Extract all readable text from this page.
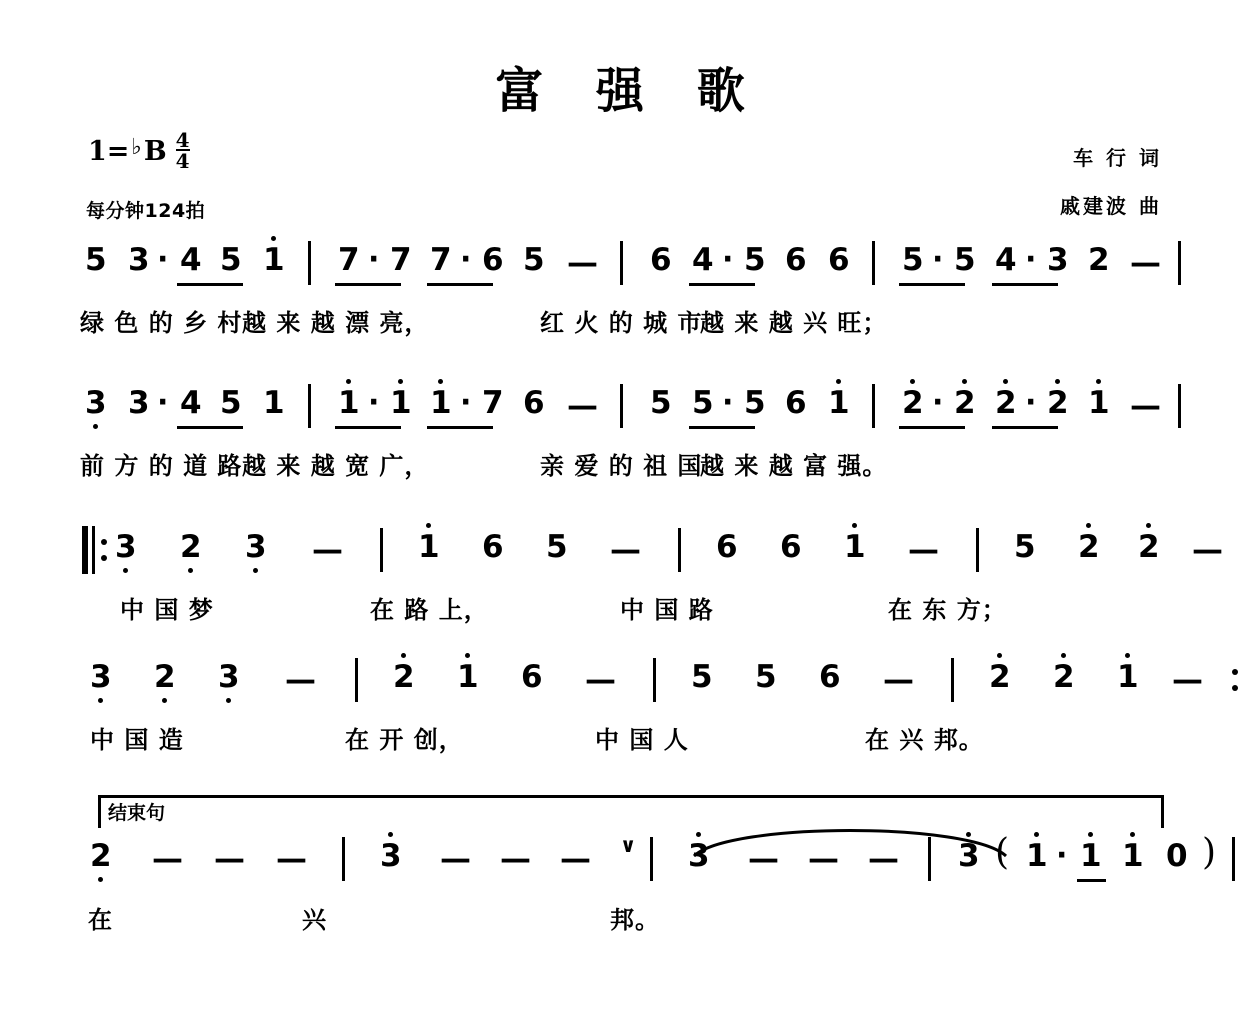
富 强 歌
1= ♭ B $\frac{4}{4}$
每分钟124拍
车 行 词
戚建波 曲
5 3 · 4 5 1 7 · 7 7 · 6 5 — 6 4 · 5 6 6 5 · 5 4 · 3 2 —
绿 色 的 乡 村 越 来 越 漂 亮，	红 火 的 城 市
越 来 越 兴 旺；
3 3 · 4 5 1 1 · 1 1 · 7 6 — 5 5 · 5 6 1 2 · 2 2 · 2 1 —
前 方 的 道 路 越 来 越 宽 广，	亲 爱 的 祖 国
越 来 越 富 强。
3 2 3 — 1 6 5 — 6 6 1 — 5 2 2 —
中 国 梦	在 路 上，	中 国 路	在 东 方；
3 2 3 — 2 1 6 — 5 5 6 — 2 2 1 —
中 国 造	在 开 创，	中 国 人	在 兴 邦。
结束句
2 — — — 3 — — — ∨ 3 — — — 3 ( 1 · 1 1 0 )
在	兴	邦。
